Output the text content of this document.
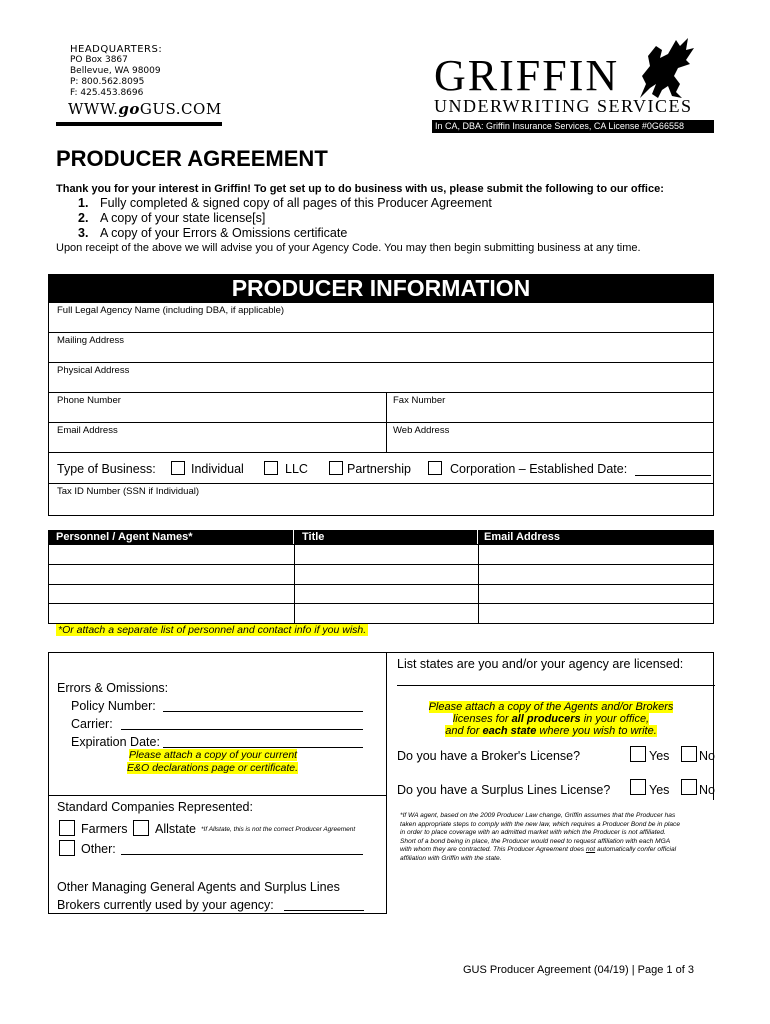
HEADQUARTERS:
PO Box 3867
Bellevue, WA 98009
P: 800.562.8095
F: 425.453.8696
WWW.goGUS.COM
GRIFFIN
UNDERWRITING SERVICES
In CA, DBA: Griffin Insurance Services, CA License #0G66558
PRODUCER AGREEMENT
Thank you for your interest in Griffin! To get set up to do business with us, please submit the following to our office:
1. Fully completed & signed copy of all pages of this Producer Agreement
2. A copy of your state license[s]
3. A copy of your Errors & Omissions certificate
Upon receipt of the above we will advise you of your Agency Code. You may then begin submitting business at any time.
PRODUCER INFORMATION
Full Legal Agency Name (including DBA, if applicable)
Mailing Address
Physical Address
Phone Number	Fax Number
Email Address	Web Address
Type of Business:	Individual	LLC	Partnership	Corporation – Established Date:
Tax ID Number (SSN if Individual)
Personnel / Agent Names*	Title	Email Address
*Or attach a separate list of personnel and contact info if you wish.
Errors & Omissions:
Policy Number:
Carrier:
Expiration Date:
Please attach a copy of your current
E&O declarations page or certificate.
Standard Companies Represented:
Farmers Allstate *If Allstate, this is not the correct Producer Agreement
Other:
Other Managing General Agents and Surplus Lines
Brokers currently used by your agency:
List states are you and/or your agency are licensed:
Please attach a copy of the Agents and/or Brokers
licenses for all producers in your office,
and for each state where you wish to write.
Do you have a Broker's License?	Yes No
Do you have a Surplus Lines License?	Yes No
*If WA agent, based on the 2009 Producer Law change, Griffin assumes that the Producer has
taken appropriate steps to comply with the new law, which requires a Producer Bond be in place
in order to place coverage with an admitted market with which the Producer is not affiliated.
Short of a bond being in place, the Producer would need to request affiliation with each MGA
with whom they are contracted. This Producer Agreement does not automatically confer official
affiliation with Griffin with the state.
GUS Producer Agreement (04/19) | Page 1 of 3
